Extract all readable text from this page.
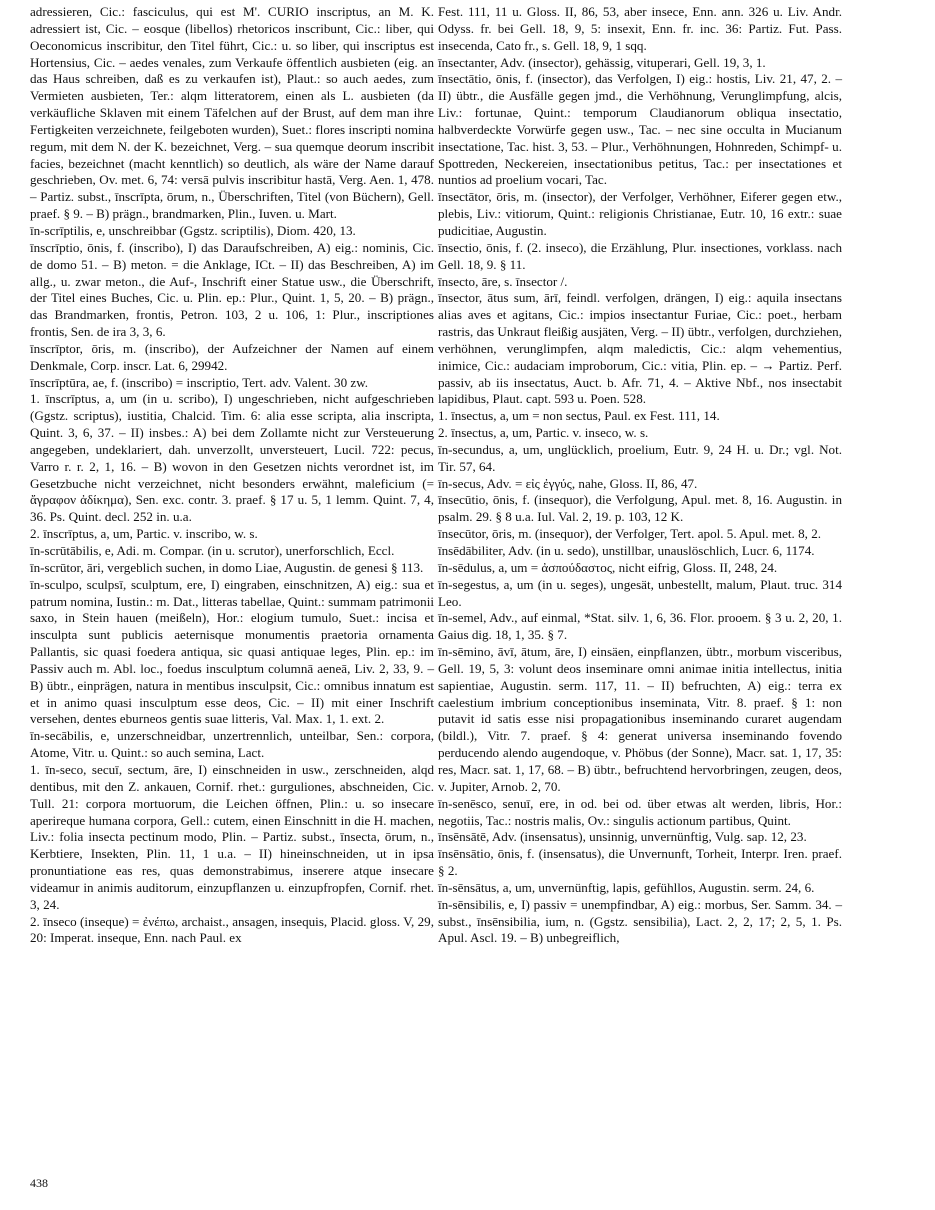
adressieren, Cic.: fasciculus, qui est M'. CURIO inscriptus, an M. K. adressiert ist, Cic. – eosque (libellos) rhetoricos inscribunt, Cic.: liber, qui Oeconomicus inscribitur, den Titel führt, Cic.: u. so liber, qui inscriptus est Hortensius, Cic. – aedes venales, zum Verkaufe öffentlich ausbieten (eig. an das Haus schreiben, daß es zu verkaufen ist), Plaut.: so auch aedes, zum Vermieten ausbieten, Ter.: alqm litteratorem, einen als L. ausbieten (da verkäufliche Sklaven mit einem Täfelchen auf der Brust, auf dem man ihre Fertigkeiten verzeichnete, feilgeboten wurden), Suet.: flores inscripti nomina regum, mit dem N. der K. bezeichnet, Verg. – sua quemque deorum inscribit facies, bezeichnet (macht kenntlich) so deutlich, als wäre der Name darauf geschrieben, Ov. met. 6, 74: versā pulvis inscribitur hastā, Verg. Aen. 1, 478. – Partiz. subst., īnscrīpta, ōrum, n., Überschriften, Titel (von Büchern), Gell. praef. § 9. – B) prägn., brandmarken, Plin., Iuven. u. Mart.

īn-scrīptilis, e, unschreibbar (Ggstz. scriptilis), Diom. 420, 13.

īnscrīptio, ōnis, f. (inscribo), I) das Daraufschreiben, A) eig.: nominis, Cic. de domo 51. – B) meton. = die Anklage, ICt. – II) das Beschreiben, A) im allg., u. zwar meton., die Auf-, Inschrift einer Statue usw., die Überschrift, der Titel eines Buches, Cic. u. Plin. ep.: Plur., Quint. 1, 5, 20. – B) prägn., das Brandmarken, frontis, Petron. 103, 2 u. 106, 1: Plur., inscriptiones frontis, Sen. de ira 3, 3, 6.

īnscrīptor, ōris, m. (inscribo), der Aufzeichner der Namen auf einem Denkmale, Corp. inscr. Lat. 6, 29942.

īnscrīptūra, ae, f. (inscribo) = inscriptio, Tert. adv. Valent. 30 zw.

1. īnscrīptus, a, um (in u. scribo), I) ungeschrieben, nicht aufgeschrieben (Ggstz. scriptus), iustitia, Chalcid. Tim. 6: alia esse scripta, alia inscripta, Quint. 3, 6, 37. – II) insbes.: A) bei dem Zollamte nicht zur Versteuerung angegeben, undeklariert, dah. unverzollt, unversteuert, Lucil. 722: pecus, Varro r. r. 2, 1, 16. – B) wovon in den Gesetzen nichts verordnet ist, im Gesetzbuche nicht verzeichnet, nicht besonders erwähnt, maleficium (= ἄγραφον ἀδίκημα), Sen. exc. contr. 3. praef. § 17 u. 5, 1 lemm. Quint. 7, 4, 36. Ps. Quint. decl. 252 in. u.a.

2. īnscrīptus, a, um, Partic. v. inscribo, w. s.

īn-scrūtābilis, e, Adi. m. Compar. (in u. scrutor), unerforschlich, Eccl.

īn-scrūtor, āri, vergeblich suchen, in domo Liae, Augustin. de genesi § 113.

īn-sculpo, sculpsī, sculptum, ere, I) eingraben, einschnitzen, A) eig.: sua et patrum nomina, Iustin.: m. Dat., litteras tabellae, Quint.: summam patrimonii saxo, in Stein hauen (meißeln), Hor.: elogium tumulo, Suet.: incisa et insculpta sunt publicis aeternisque monumentis praetoria ornamenta Pallantis, sic quasi foedera antiqua, sic quasi antiquae leges, Plin. ep.: im Passiv auch m. Abl. loc., foedus insculptum columnā aeneā, Liv. 2, 33, 9. – B) übtr., einprägen, natura in mentibus insculpsit, Cic.: omnibus innatum est et in animo quasi insculptum esse deos, Cic. – II) mit einer Inschrift versehen, dentes eburneos gentis suae litteris, Val. Max. 1, 1. ext. 2.

īn-secābilis, e, unzerschneidbar, unzertrennlich, unteilbar, Sen.: corpora, Atome, Vitr. u. Quint.: so auch semina, Lact.

1. īn-seco, secuī, sectum, āre, I) einschneiden in usw., zerschneiden, alqd dentibus, mit den Z. ankauen, Cornif. rhet.: gurguliones, abschneiden, Cic. Tull. 21: corpora mortuorum, die Leichen öffnen, Plin.: u. so insecare aperireque humana corpora, Gell.: cutem, einen Einschnitt in die H. machen, Liv.: folia insecta pectinum modo, Plin. – Partiz. subst., īnsecta, ōrum, n., Kerbtiere, Insekten, Plin. 11, 1 u.a. – II) hineinschneiden, ut in ipsa pronuntiatione eas res, quas demonstrabimus, inserere atque insecare videamur in animis auditorum, einzupflanzen u. einzupfropfen, Cornif. rhet. 3, 24.

2. īnseco (inseque) = ἐνέπω, archaist., ansagen, insequis, Placid. gloss. V, 29, 20: Imperat. inseque, Enn. nach Paul. ex

Fest. 111, 11 u. Gloss. II, 86, 53, aber insece, Enn. ann. 326 u. Liv. Andr. Odyss. fr. bei Gell. 18, 9, 5: insexit, Enn. fr. inc. 36: Partiz. Fut. Pass. insecenda, Cato fr., s. Gell. 18, 9, 1 sqq.

īnsectanter, Adv. (insector), gehässig, vituperari, Gell. 19, 3, 1.

īnsectātio, ōnis, f. (insector), das Verfolgen, I) eig.: hostis, Liv. 21, 47, 2. – II) übtr., die Ausfälle gegen jmd., die Verhöhnung, Verunglimpfung, alcis, Liv.: fortunae, Quint.: temporum Claudianorum obliqua insectatio, halbverdeckte Vorwürfe gegen usw., Tac. – nec sine occulta in Mucianum insectatione, Tac. hist. 3, 53. – Plur., Verhöhnungen, Hohnreden, Schimpf- u. Spottreden, Neckereien, insectationibus petitus, Tac.: per insectationes et nuntios ad proelium vocari, Tac.

īnsectātor, ōris, m. (insector), der Verfolger, Verhöhner, Eiferer gegen etw., plebis, Liv.: vitiorum, Quint.: religionis Christianae, Eutr. 10, 16 extr.: suae pudicitiae, Augustin.

īnsectio, ōnis, f. (2. inseco), die Erzählung, Plur. insectiones, vorklass. nach Gell. 18, 9. § 11.

īnsecto, āre, s. īnsector /.

īnsector, ātus sum, ārī, feindl. verfolgen, drängen, I) eig.: aquila insectans alias aves et agitans, Cic.: impios insectantur Furiae, Cic.: poet., herbam rastris, das Unkraut fleißig ausjäten, Verg. – II) übtr., verfolgen, durchziehen, verhöhnen, verunglimpfen, alqm maledictis, Cic.: alqm vehementius, inimice, Cic.: audaciam improborum, Cic.: vitia, Plin. ep. – → Partiz. Perf. passiv, ab iis insectatus, Auct. b. Afr. 71, 4. – Aktive Nbf., nos insectabit lapidibus, Plaut. capt. 593 u. Poen. 528.

1. īnsectus, a, um = non sectus, Paul. ex Fest. 111, 14.

2. īnsectus, a, um, Partic. v. inseco, w. s.

īn-secundus, a, um, unglücklich, proelium, Eutr. 9, 24 H. u. Dr.; vgl. Not. Tir. 57, 64.

īn-secus, Adv. = εἰς ἐγγύς, nahe, Gloss. II, 86, 47.

īnsecūtio, ōnis, f. (insequor), die Verfolgung, Apul. met. 8, 16. Augustin. in psalm. 29. § 8 u.a. Iul. Val. 2, 19. p. 103, 12 K.

īnsecūtor, ōris, m. (insequor), der Verfolger, Tert. apol. 5. Apul. met. 8, 2.

īnsēdābiliter, Adv. (in u. sedo), unstillbar, unauslöschlich, Lucr. 6, 1174.

īn-sēdulus, a, um = ἀσπούδαστος, nicht eifrig, Gloss. II, 248, 24.

īn-segestus, a, um (in u. seges), ungesät, unbestellt, malum, Plaut. truc. 314 Leo.

īn-semel, Adv., auf einmal, *Stat. silv. 1, 6, 36. Flor. prooem. § 3 u. 2, 20, 1. Gaius dig. 18, 1, 35. § 7.

īn-sēmino, āvī, ātum, āre, I) einsäen, einpflanzen, übtr., morbum visceribus, Gell. 19, 5, 3: volunt deos inseminare omni animae initia intellectus, initia sapientiae, Augustin. serm. 117, 11. – II) befruchten, A) eig.: terra ex caelestium imbrium conceptionibus inseminata, Vitr. 8. praef. § 1: non putavit id satis esse nisi propagationibus inseminando curaret augendam (bildl.), Vitr. 7. praef. § 4: generat universa inseminando fovendo perducendo alendo augendoque, v. Phöbus (der Sonne), Macr. sat. 1, 17, 35: res, Macr. sat. 1, 17, 68. – B) übtr., befruchtend hervorbringen, zeugen, deos, v. Jupiter, Arnob. 2, 70.

īn-senēsco, senuī, ere, in od. bei od. über etwas alt werden, libris, Hor.: negotiis, Tac.: nostris malis, Ov.: singulis actionum partibus, Quint.

īnsēnsātē, Adv. (insensatus), unsinnig, unvernünftig, Vulg. sap. 12, 23.

īnsēnsātio, ōnis, f. (insensatus), die Unvernunft, Torheit, Interpr. Iren. praef. § 2.

īn-sēnsātus, a, um, unvernünftig, lapis, gefühllos, Augustin. serm. 24, 6.

īn-sēnsibilis, e, I) passiv = unempfindbar, A) eig.: morbus, Ser. Samm. 34. – subst., īnsēnsibilia, ium, n. (Ggstz. sensibilia), Lact. 2, 2, 17; 2, 5, 1. Ps. Apul. Ascl. 19. – B) unbegreiflich,

438
